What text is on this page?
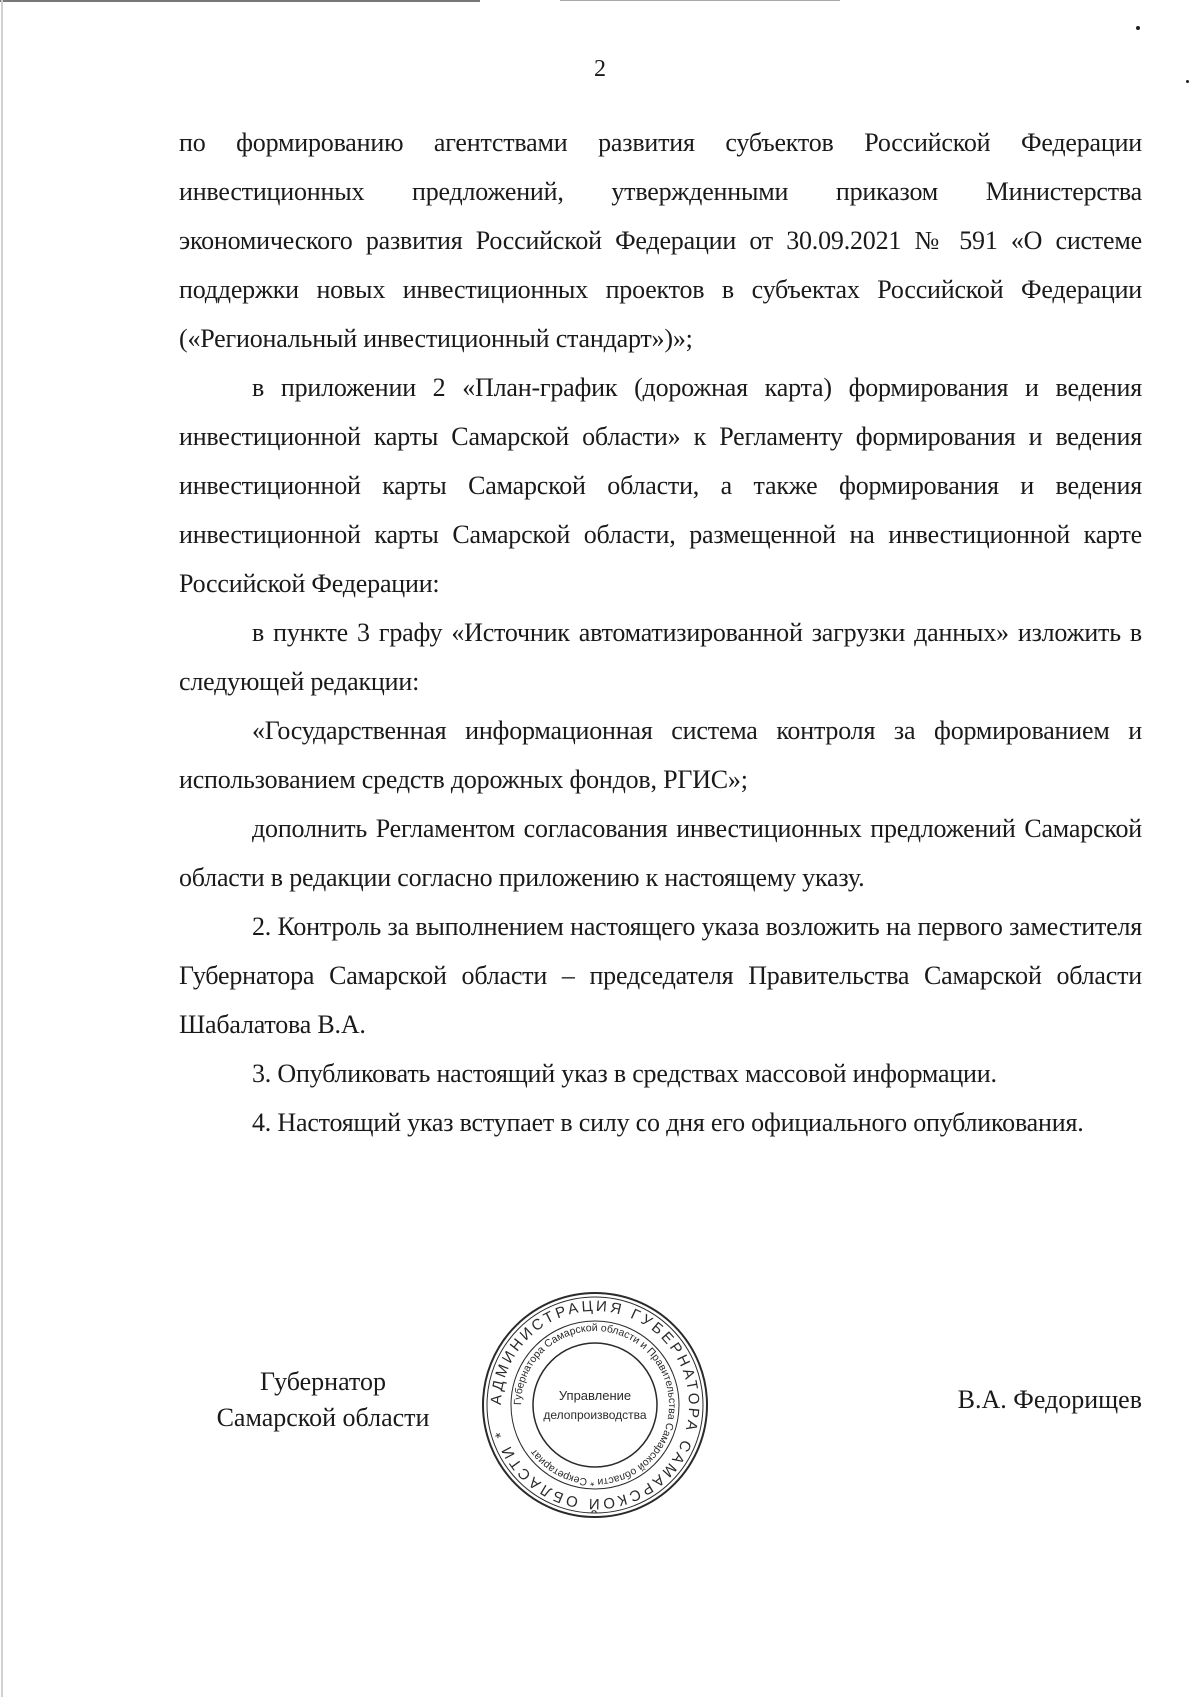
2

по формированию агентствами развития субъектов Российской Федерации инвестиционных предложений, утвержденными приказом Министерства экономического развития Российской Федерации от 30.09.2021 № 591 «О системе поддержки новых инвестиционных проектов в субъектах Российской Федерации («Региональный инвестиционный стандарт»)»;

в приложении 2 «План-график (дорожная карта) формирования и ведения инвестиционной карты Самарской области» к Регламенту формирования и ведения инвестиционной карты Самарской области, а также формирования и ведения инвестиционной карты Самарской области, размещенной на инвестиционной карте Российской Федерации:

в пункте 3 графу «Источник автоматизированной загрузки данных» изложить в следующей редакции:

«Государственная информационная система контроля за формированием и использованием средств дорожных фондов, РГИС»;

дополнить Регламентом согласования инвестиционных предложений Самарской области в редакции согласно приложению к настоящему указу.

2. Контроль за выполнением настоящего указа возложить на первого заместителя Губернатора Самарской области – председателя Правительства Самарской области Шабалатова В.А.

3. Опубликовать настоящий указ в средствах массовой информации.

4. Настоящий указ вступает в силу со дня его официального опубликования.

Губернатор
Самарской области
В.А. Федорищев
АДМИНИСТРАЦИЯ ГУБЕРНАТОРА САМАРСКОЙ ОБЛАСТИ *
Губернатора Самарской области и Правительства Самарской области * Секретариат
Управление
делопроизводства
